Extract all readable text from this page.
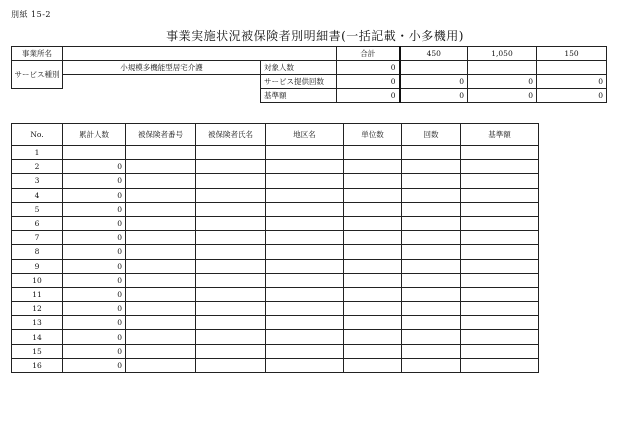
別紙 15-2
事業実施状況被保険者別明細書(一括記載・小多機用)
事業所名			合計	450	1,050	150
サービス種別	小規模多機能型居宅介護	対象人数	0			
		サービス提供回数	0	0	0	0
		基準額	0	0	0	0
No.	累計人数	被保険者番号	被保険者氏名	地区名	単位数	回数	基準額
1							
2	0						
3	0						
4	0						
5	0						
6	0						
7	0						
8	0						
9	0						
10	0						
11	0						
12	0						
13	0						
14	0						
15	0						
16	0						
